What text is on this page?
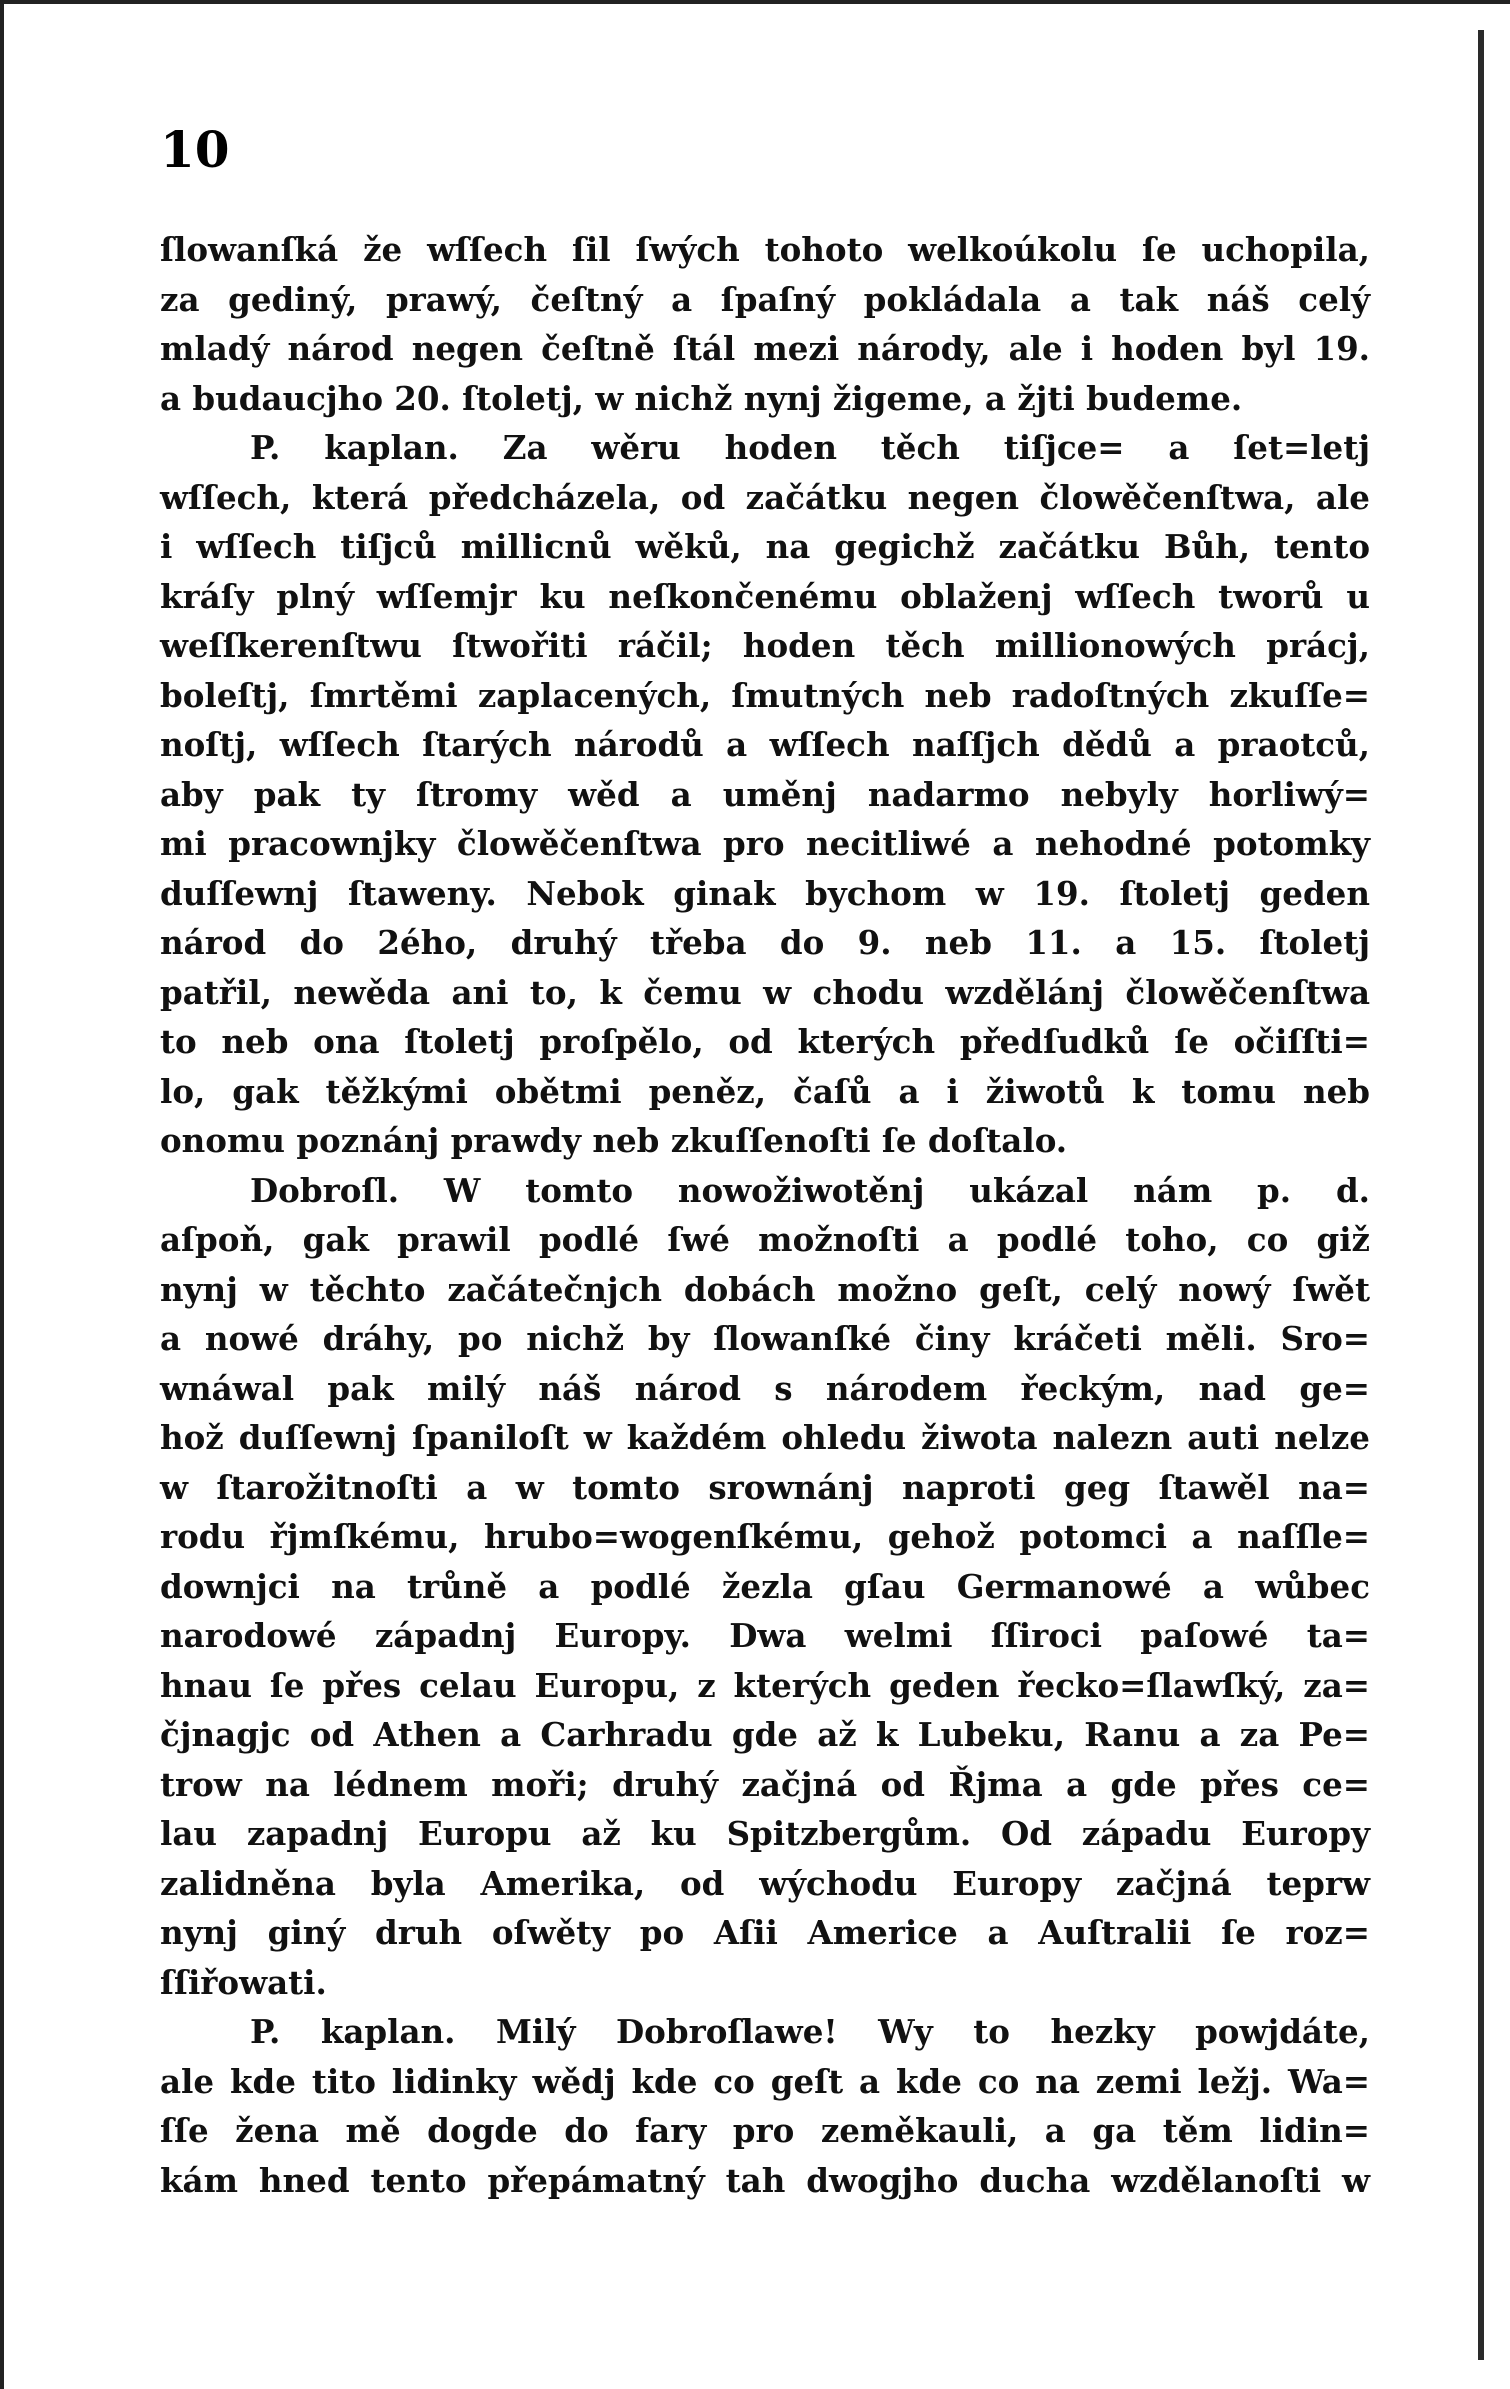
10

ſlowanſká že wſſech ſil ſwých tohoto welkoúkolu ſe uchopila,
za gediný, prawý, čeſtný a ſpaſný pokládala a tak náš celý
mladý národ negen čeſtně ſtál mezi národy, ale i hoden byl 19.
a budaucjho 20. ſtoletj, w nichž nynj žigeme, a žjti budeme.

P. kaplan. Za wěru hoden těch tiſjce= a ſet=letj
wſſech, která předcházela, od začátku negen člowěčenſtwa, ale
i wſſech tiſjců millicnů wěků, na gegichž začátku Bůh, tento
kráſy plný wſſemjr ku neſkončenému oblaženj wſſech tworů u
weſſkerenſtwu ſtwořiti ráčil; hoden těch millionowých prácj,
boleſtj, ſmrtěmi zaplacených, ſmutných neb radoſtných zkuſſe=
noſtj, wſſech ſtarých národů a wſſech naſſjch dědů a praotců,
aby pak ty ſtromy wěd a uměnj nadarmo nebyly horliwý=
mi pracownjky člowěčenſtwa pro necitliwé a nehodné potomky
duſſewnj ſtaweny. Nebok ginak bychom w 19. ſtoletj geden
národ do 2ého, druhý třeba do 9. neb 11. a 15. ſtoletj
patřil, newěda ani to, k čemu w chodu wzdělánj člowěčenſtwa
to neb ona ſtoletj proſpělo, od kterých předſudků ſe očiſſti=
lo, gak těžkými obětmi peněz, čaſů a i žiwotů k tomu neb
onomu poznánj prawdy neb zkuſſenoſti ſe doſtalo.

Dobroſl. W tomto nowožiwotěnj ukázal nám p. d.
aſpoň, gak prawil podlé ſwé možnoſti a podlé toho, co giž
nynj w těchto začátečnjch dobách možno geſt, celý nowý ſwět
a nowé dráhy, po nichž by ſlowanſké činy kráčeti měli. Sro=
wnáwal pak milý náš národ s národem řeckým, nad ge=
hož duſſewnj ſpaniloſt w každém ohledu žiwota nalezn auti nelze
w ſtarožitnoſti a w tomto srownánj naproti geg ſtawěl na=
rodu řjmſkému, hrubo=wogenſkému, gehož potomci a naſſle=
downjci na trůně a podlé žezla gſau Germanowé a wůbec
narodowé západnj Europy. Dwa welmi ſſiroci paſowé ta=
hnau ſe přes celau Europu, z kterých geden řecko=ſlawſký, za=
čjnagjc od Athen a Carhradu gde až k Lubeku, Ranu a za Pe=
trow na lédnem moři; druhý začjná od Řjma a gde přes ce=
lau zapadnj Europu až ku Spitzbergům. Od západu Europy
zalidněna byla Amerika, od wýchodu Europy začjná teprw
nynj giný druh oſwěty po Aſii Americe a Auſtralii ſe roz=
ſſiřowati.

P. kaplan. Milý Dobroſlawe! Wy to hezky powjdáte,
ale kde tito lidinky wědj kde co geſt a kde co na zemi ležj. Wa=
ſſe žena mě dogde do fary pro zeměkauli, a ga těm lidin=
kám hned tento přepámatný tah dwogjho ducha wzdělanoſti w
